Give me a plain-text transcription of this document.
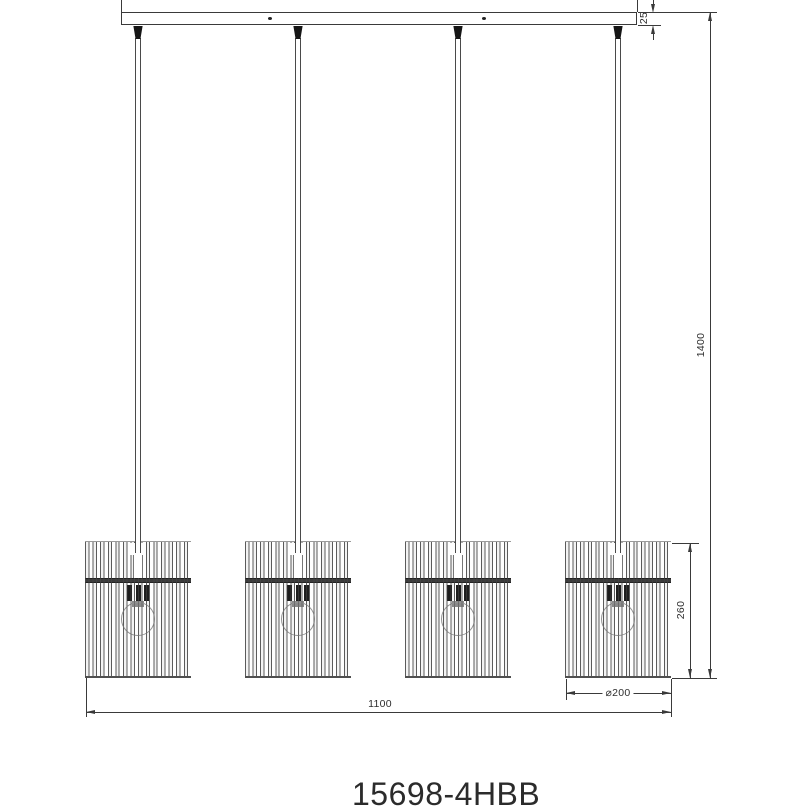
25
1400
260
⌀200
1100
15698-4HBB
